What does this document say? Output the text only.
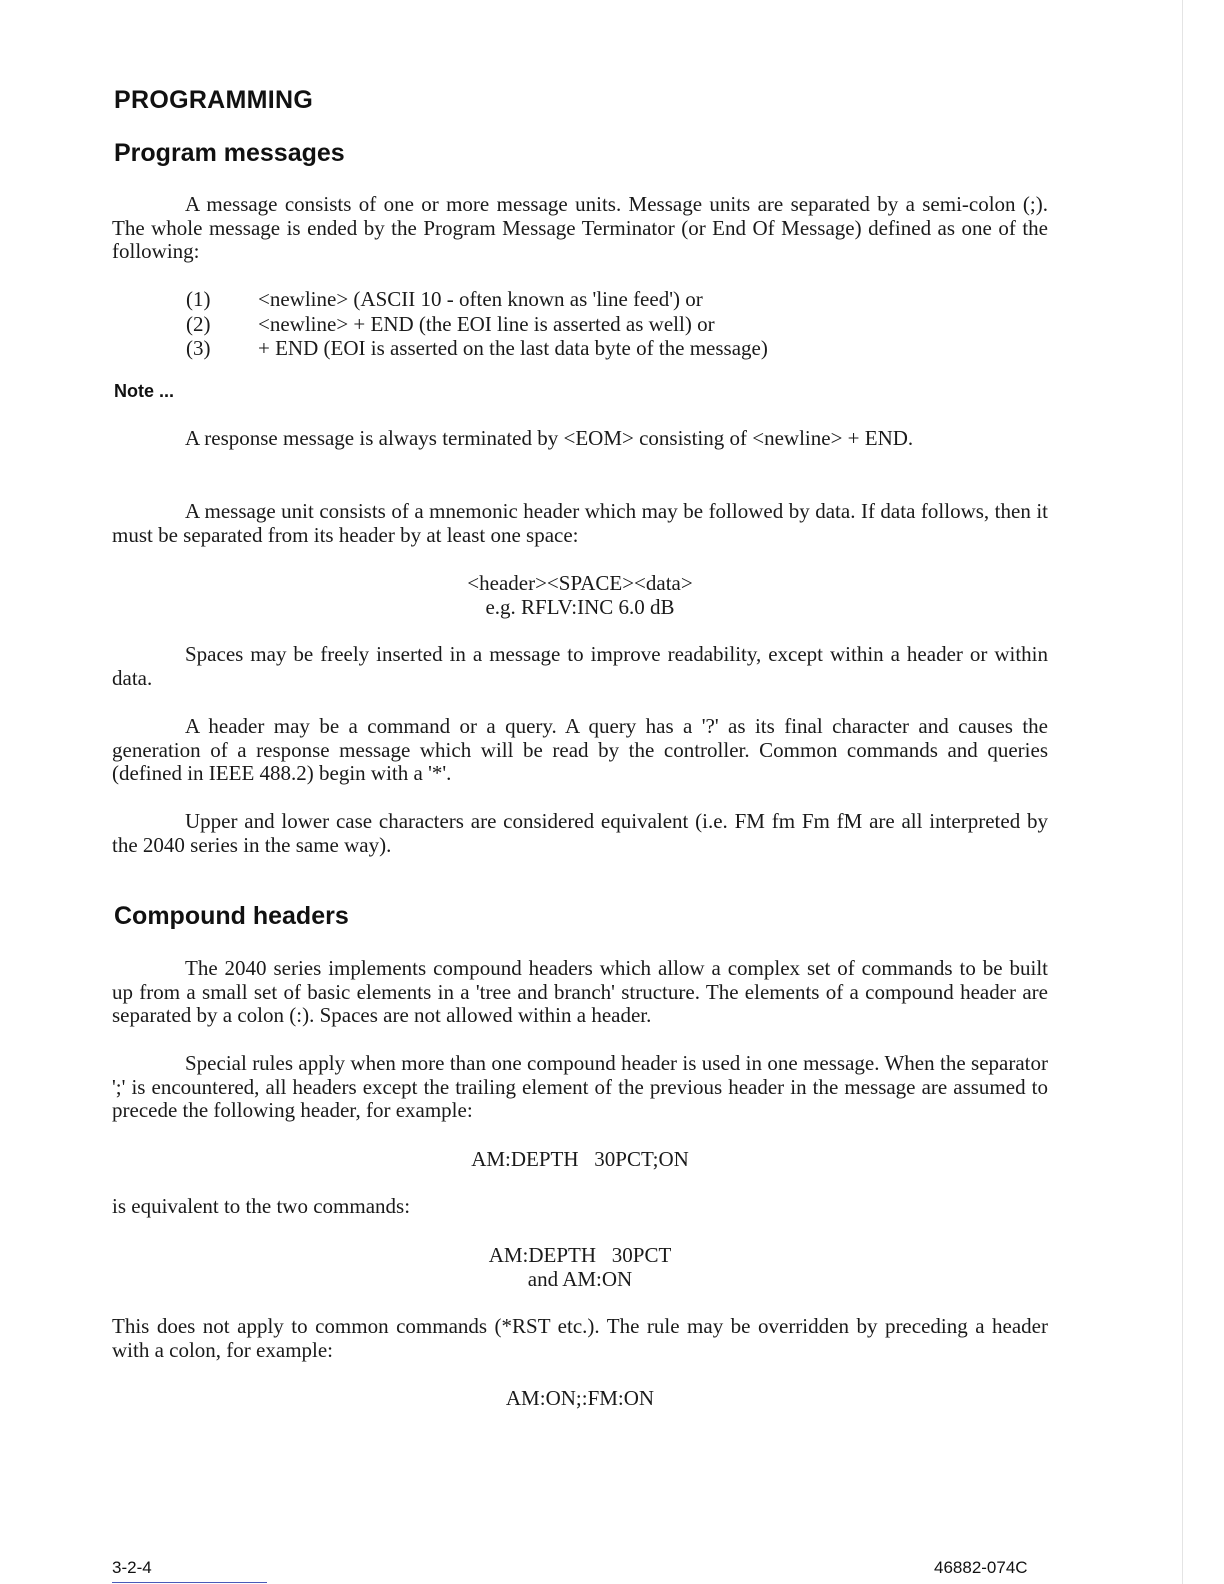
PROGRAMMING
Program messages

A message consists of one or more message units. Message units are separated by a semi-colon (;). The whole message is ended by the Program Message Terminator (or End Of Message) defined as one of the following:

(1)	<newline> (ASCII 10 - often known as 'line feed') or
(2)	<newline> + END (the EOI line is asserted as well) or
(3)	+ END (EOI is asserted on the last data byte of the message)
Note ...

A response message is always terminated by <EOM> consisting of <newline> + END.

A message unit consists of a mnemonic header which may be followed by data. If data follows, then it must be separated from its header by at least one space:

<header><SPACE><data>
e.g. RFLV:INC 6.0 dB

Spaces may be freely inserted in a message to improve readability, except within a header or within data.

A header may be a command or a query. A query has a '?' as its final character and causes the generation of a response message which will be read by the controller. Common commands and queries (defined in IEEE 488.2) begin with a '*'.

Upper and lower case characters are considered equivalent (i.e. FM fm Fm fM are all interpreted by the 2040 series in the same way).

Compound headers

The 2040 series implements compound headers which allow a complex set of commands to be built up from a small set of basic elements in a 'tree and branch' structure. The elements of a compound header are separated by a colon (:). Spaces are not allowed within a header.

Special rules apply when more than one compound header is used in one message. When the separator ';' is encountered, all headers except the trailing element of the previous header in the message are assumed to precede the following header, for example:

AM:DEPTH   30PCT;ON
is equivalent to the two commands:
AM:DEPTH   30PCT
and AM:ON

This does not apply to common commands (*RST etc.). The rule may be overridden by preceding a header with a colon, for example:

AM:ON;:FM:ON
3-2-4	46882-074C
